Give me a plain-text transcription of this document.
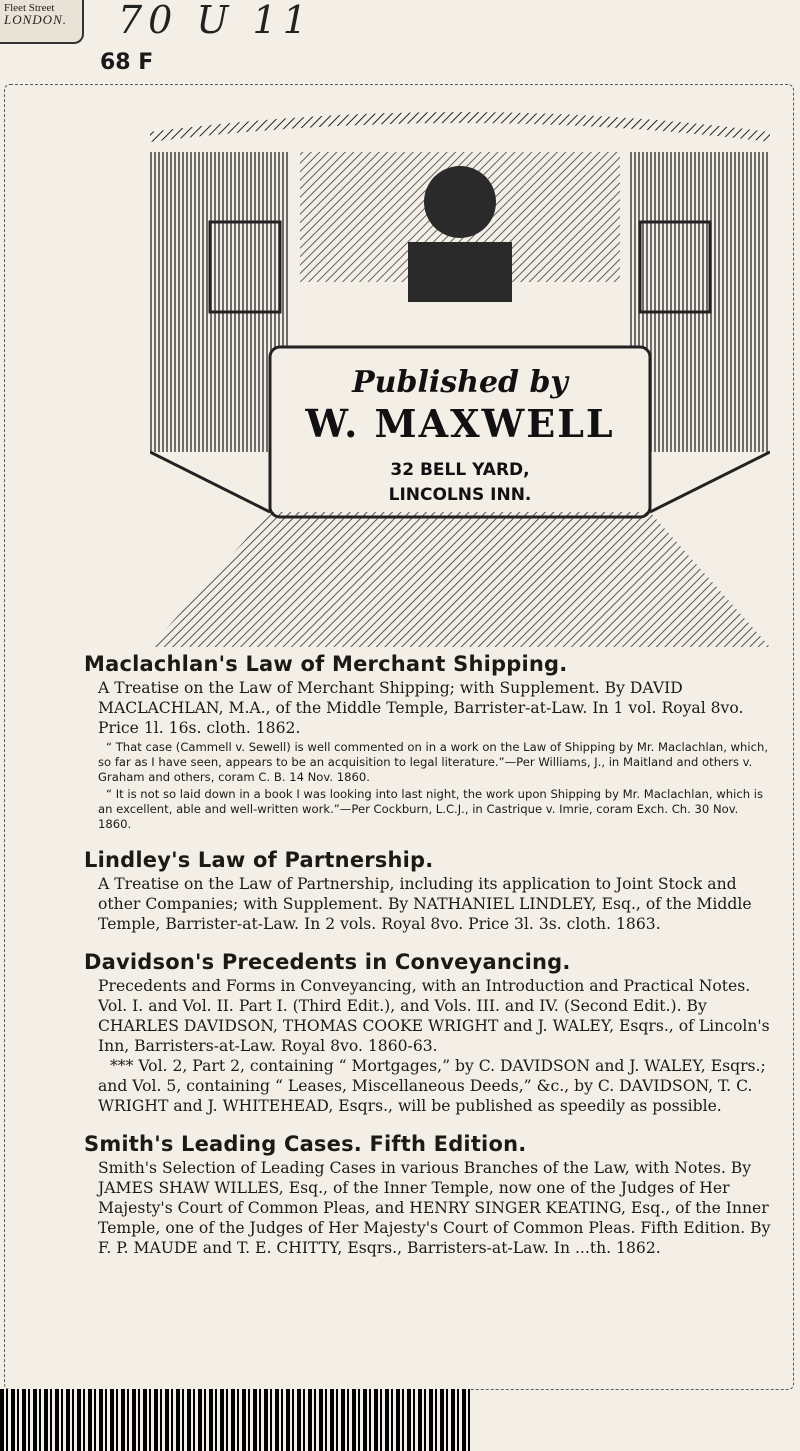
Fleet Street
LONDON. 70 U 11
68 F
Published by
W. MAXWELL
32 BELL YARD,
LINCOLNS INN.
Maclachlan's Law of Merchant Shipping.

A Treatise on the Law of Merchant Shipping; with Supplement. By DAVID MACLACHLAN, M.A., of the Middle Temple, Barrister-at-Law. In 1 vol. Royal 8vo. Price 1l. 16s. cloth. 1862.

“ That case (Cammell v. Sewell) is well commented on in a work on the Law of Shipping by Mr. Maclachlan, which, so far as I have seen, appears to be an acquisition to legal literature.”—Per Williams, J., in Maitland and others v. Graham and others, coram C. B. 14 Nov. 1860.

“ It is not so laid down in a book I was looking into last night, the work upon Shipping by Mr. Maclachlan, which is an excellent, able and well-written work.”—Per Cockburn, L.C.J., in Castrique v. Imrie, coram Exch. Ch. 30 Nov. 1860.

Lindley's Law of Partnership.

A Treatise on the Law of Partnership, including its application to Joint Stock and other Companies; with Supplement. By NATHANIEL LINDLEY, Esq., of the Middle Temple, Barrister-at-Law. In 2 vols. Royal 8vo. Price 3l. 3s. cloth. 1863.

Davidson's Precedents in Conveyancing.

Precedents and Forms in Conveyancing, with an Introduction and Practical Notes. Vol. I. and Vol. II. Part I. (Third Edit.), and Vols. III. and IV. (Second Edit.). By CHARLES DAVIDSON, THOMAS COOKE WRIGHT and J. WALEY, Esqrs., of Lincoln's Inn, Barristers-at-Law. Royal 8vo. 1860-63.

*** Vol. 2, Part 2, containing “ Mortgages,” by C. DAVIDSON and J. WALEY, Esqrs.; and Vol. 5, containing “ Leases, Miscellaneous Deeds,” &c., by C. DAVIDSON, T. C. WRIGHT and J. WHITEHEAD, Esqrs., will be published as speedily as possible.

Smith's Leading Cases. Fifth Edition.

Smith's Selection of Leading Cases in various Branches of the Law, with Notes. By JAMES SHAW WILLES, Esq., of the Inner Temple, now one of the Judges of Her Majesty's Court of Common Pleas, and HENRY SINGER KEATING, Esq., of the Inner Temple, one of the Judges of Her Majesty's Court of Common Pleas. Fifth Edition. By F. P. MAUDE and T. E. CHITTY, Esqrs., Barristers-at-Law. In ...th. 1862.
